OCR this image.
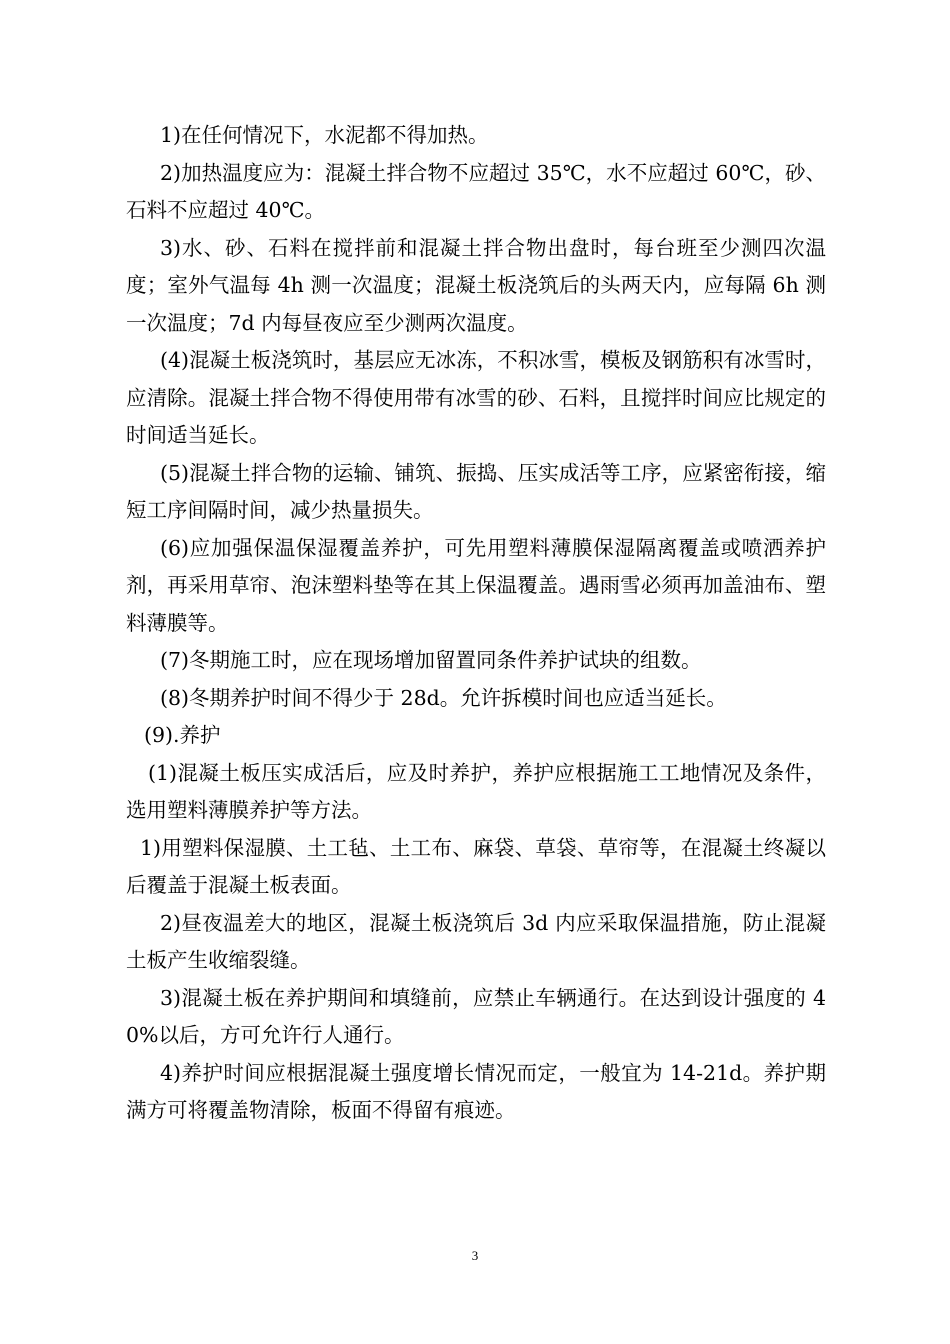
1)在任何情况下，水泥都不得加热。

2)加热温度应为：混凝土拌合物不应超过 35℃，水不应超过 60℃，砂、石料不应超过 40℃。

3)水、砂、石料在搅拌前和混凝土拌合物出盘时，每台班至少测四次温度；室外气温每 4h 测一次温度；混凝土板浇筑后的头两天内，应每隔 6h 测一次温度；7d 内每昼夜应至少测两次温度。

(4)混凝土板浇筑时，基层应无冰冻，不积冰雪，模板及钢筋积有冰雪时，应清除。混凝土拌合物不得使用带有冰雪的砂、石料，且搅拌时间应比规定的时间适当延长。

(5)混凝土拌合物的运输、铺筑、振捣、压实成活等工序，应紧密衔接，缩短工序间隔时间，减少热量损失。

(6)应加强保温保湿覆盖养护，可先用塑料薄膜保湿隔离覆盖或喷洒养护剂，再采用草帘、泡沫塑料垫等在其上保温覆盖。遇雨雪必须再加盖油布、塑料薄膜等。

(7)冬期施工时，应在现场增加留置同条件养护试块的组数。

(8)冬期养护时间不得少于 28d。允许拆模时间也应适当延长。

(9).养护

(1)混凝土板压实成活后，应及时养护，养护应根据施工工地情况及条件，选用塑料薄膜养护等方法。

1)用塑料保湿膜、土工毡、土工布、麻袋、草袋、草帘等，在混凝土终凝以后覆盖于混凝土板表面。

2)昼夜温差大的地区，混凝土板浇筑后 3d 内应采取保温措施，防止混凝土板产生收缩裂缝。

3)混凝土板在养护期间和填缝前，应禁止车辆通行。在达到设计强度的 40%以后，方可允许行人通行。

4)养护时间应根据混凝土强度增长情况而定，一般宜为 14-21d。养护期满方可将覆盖物清除，板面不得留有痕迹。

3
